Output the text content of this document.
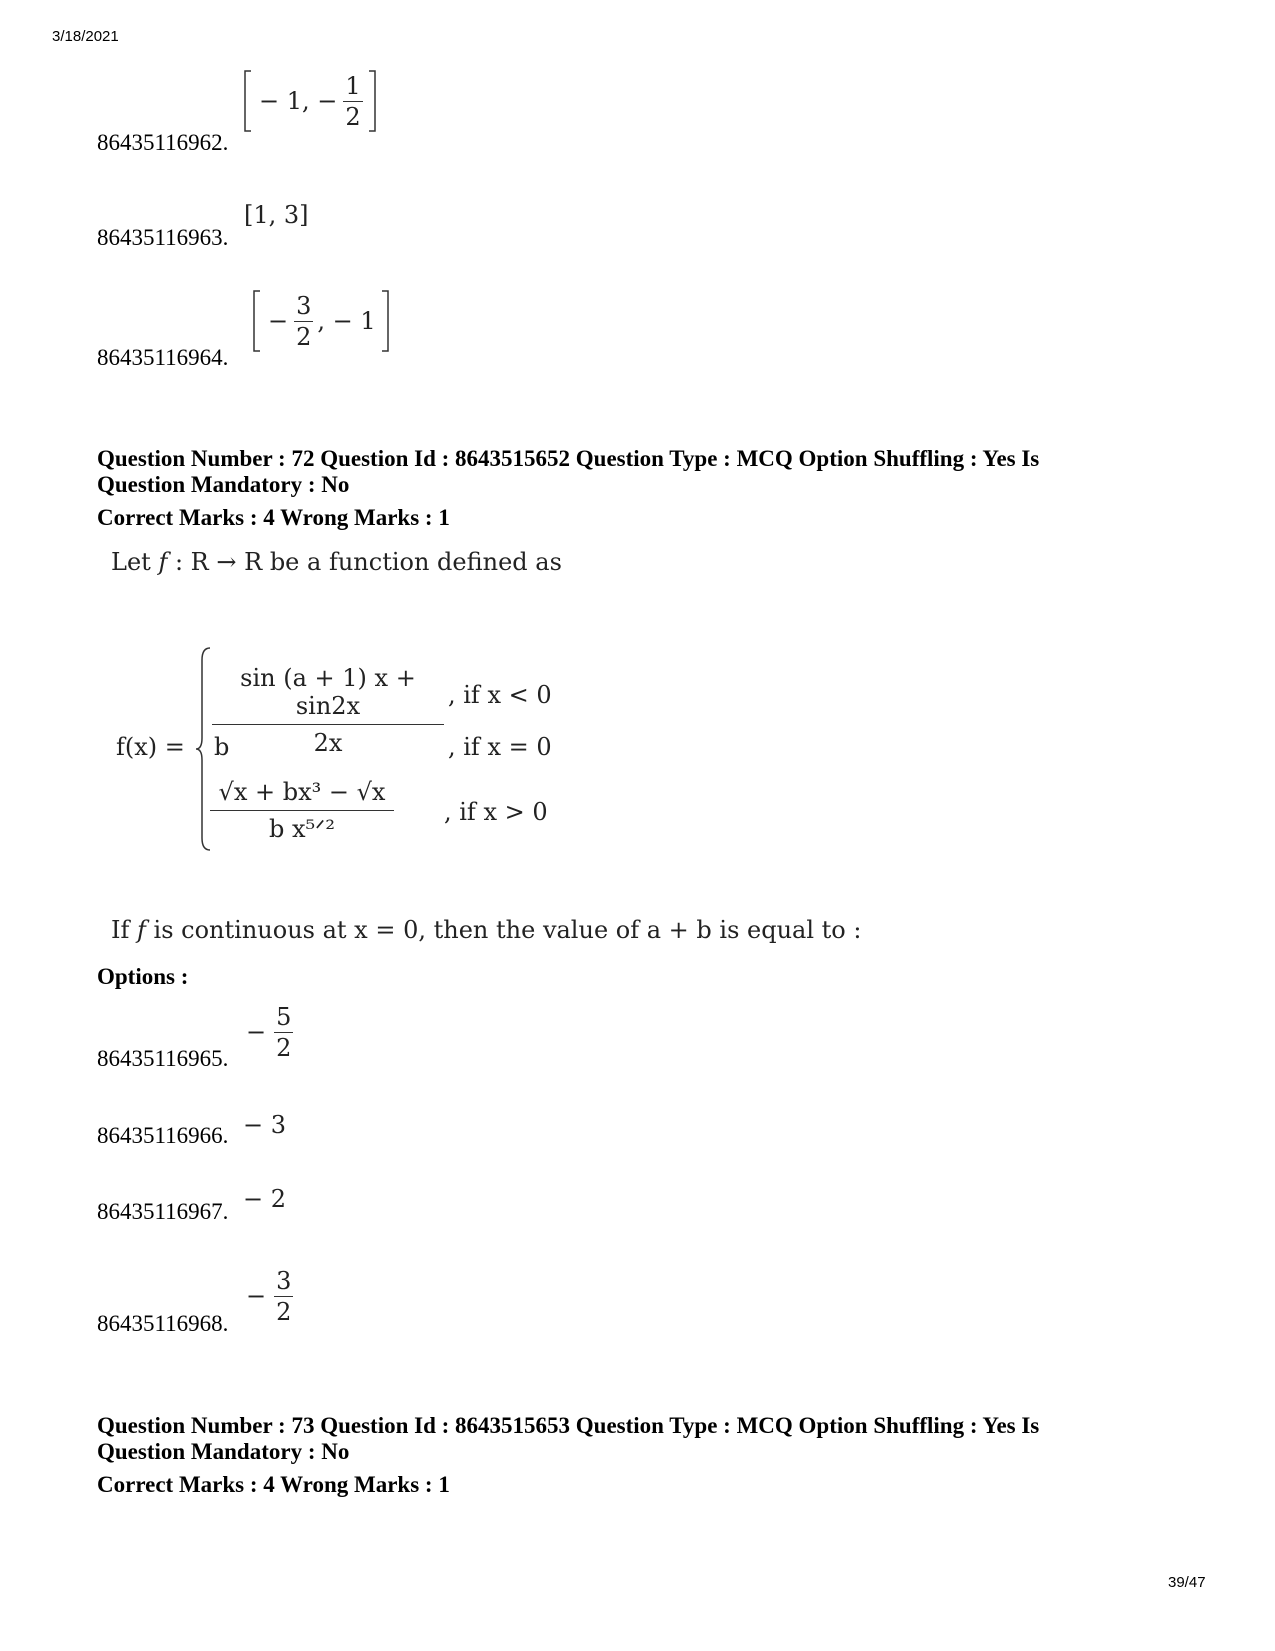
3/18/2021
− 1, − $\frac{1}{2}$
86435116962.
[1, 3]
86435116963.
− $\frac{3}{2}$ , − 1
86435116964.
Question Number : 72 Question Id : 8643515652 Question Type : MCQ Option Shuffling : Yes Is
Question Mandatory : No
Correct Marks : 4 Wrong Marks : 1
Let f : R → R be a function defined as
$f(x) = \frac{\sin (a + 1) x + \sin 2x}{2x}$ , if x < 0
b	, if x = 0
√x + bx³ − √x
b x⁵ᐟ²
, if x > 0
If f is continuous at x = 0, then the value of a + b is equal to :
Options :
− $\frac{5}{2}$
86435116965.
− 3
86435116966.
− 2
86435116967.
− $\frac{3}{2}$
86435116968.
Question Number : 73 Question Id : 8643515653 Question Type : MCQ Option Shuffling : Yes Is
Question Mandatory : No
Correct Marks : 4 Wrong Marks : 1
39/47
